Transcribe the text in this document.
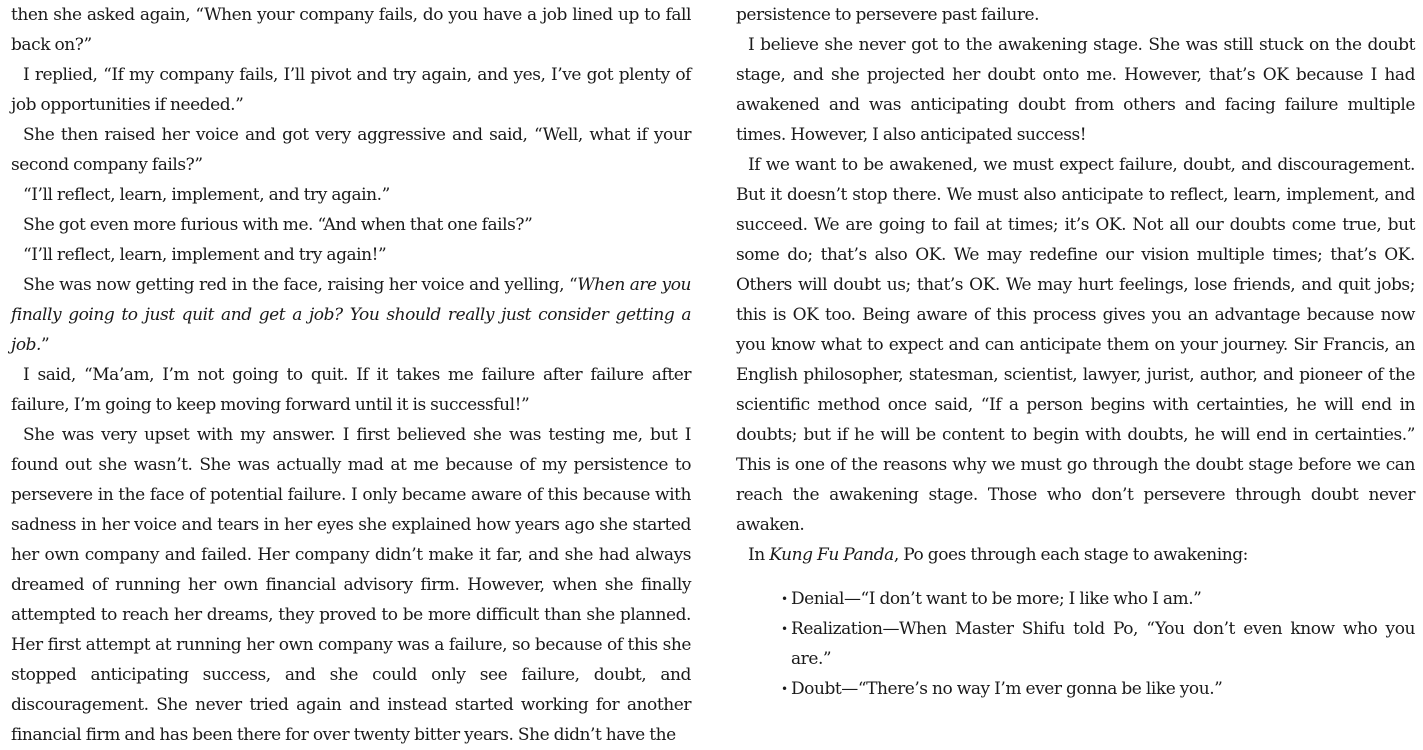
then she asked again, “When your company fails, do you have a job lined up to fall back on?”

I replied, “If my company fails, I’ll pivot and try again, and yes, I’ve got plenty of job opportunities if needed.”

She then raised her voice and got very aggressive and said, “Well, what if your second company fails?”

“I’ll reflect, learn, implement, and try again.”

She got even more furious with me. “And when that one fails?”

“I’ll reflect, learn, implement and try again!”

She was now getting red in the face, raising her voice and yelling, “When are you finally going to just quit and get a job? You should really just consider getting a job.”

I said, “Ma’am, I’m not going to quit. If it takes me failure after failure after failure, I’m going to keep moving forward until it is successful!”

She was very upset with my answer. I first believed she was testing me, but I found out she wasn’t. She was actually mad at me because of my persistence to persevere in the face of potential failure. I only became aware of this because with sadness in her voice and tears in her eyes she explained how years ago she started her own company and failed. Her company didn’t make it far, and she had always dreamed of running her own financial advisory firm. However, when she finally attempted to reach her dreams, they proved to be more difficult than she planned. Her first attempt at running her own company was a failure, so because of this she stopped anticipating success, and she could only see failure, doubt, and discouragement. She never tried again and instead started working for another financial firm and has been there for over twenty bitter years. She didn’t have the

persistence to persevere past failure.

I believe she never got to the awakening stage. She was still stuck on the doubt stage, and she projected her doubt onto me. However, that’s OK because I had awakened and was anticipating doubt from others and facing failure multiple times. However, I also anticipated success!

If we want to be awakened, we must expect failure, doubt, and discouragement. But it doesn’t stop there. We must also anticipate to reflect, learn, implement, and succeed. We are going to fail at times; it’s OK. Not all our doubts come true, but some do; that’s also OK. We may redefine our vision multiple times; that’s OK. Others will doubt us; that’s OK. We may hurt feelings, lose friends, and quit jobs; this is OK too. Being aware of this process gives you an advantage because now you know what to expect and can anticipate them on your journey. Sir Francis, an English philosopher, statesman, scientist, lawyer, jurist, author, and pioneer of the scientific method once said, “If a person begins with certainties, he will end in doubts; but if he will be content to begin with doubts, he will end in certainties.” This is one of the reasons why we must go through the doubt stage before we can reach the awakening stage. Those who don’t persevere through doubt never awaken.

In Kung Fu Panda, Po goes through each stage to awakening:

• Denial—“I don’t want to be more; I like who I am.”
• Realization—When Master Shifu told Po, “You don’t even know who you are.”
• Doubt—“There’s no way I’m ever gonna be like you.”
